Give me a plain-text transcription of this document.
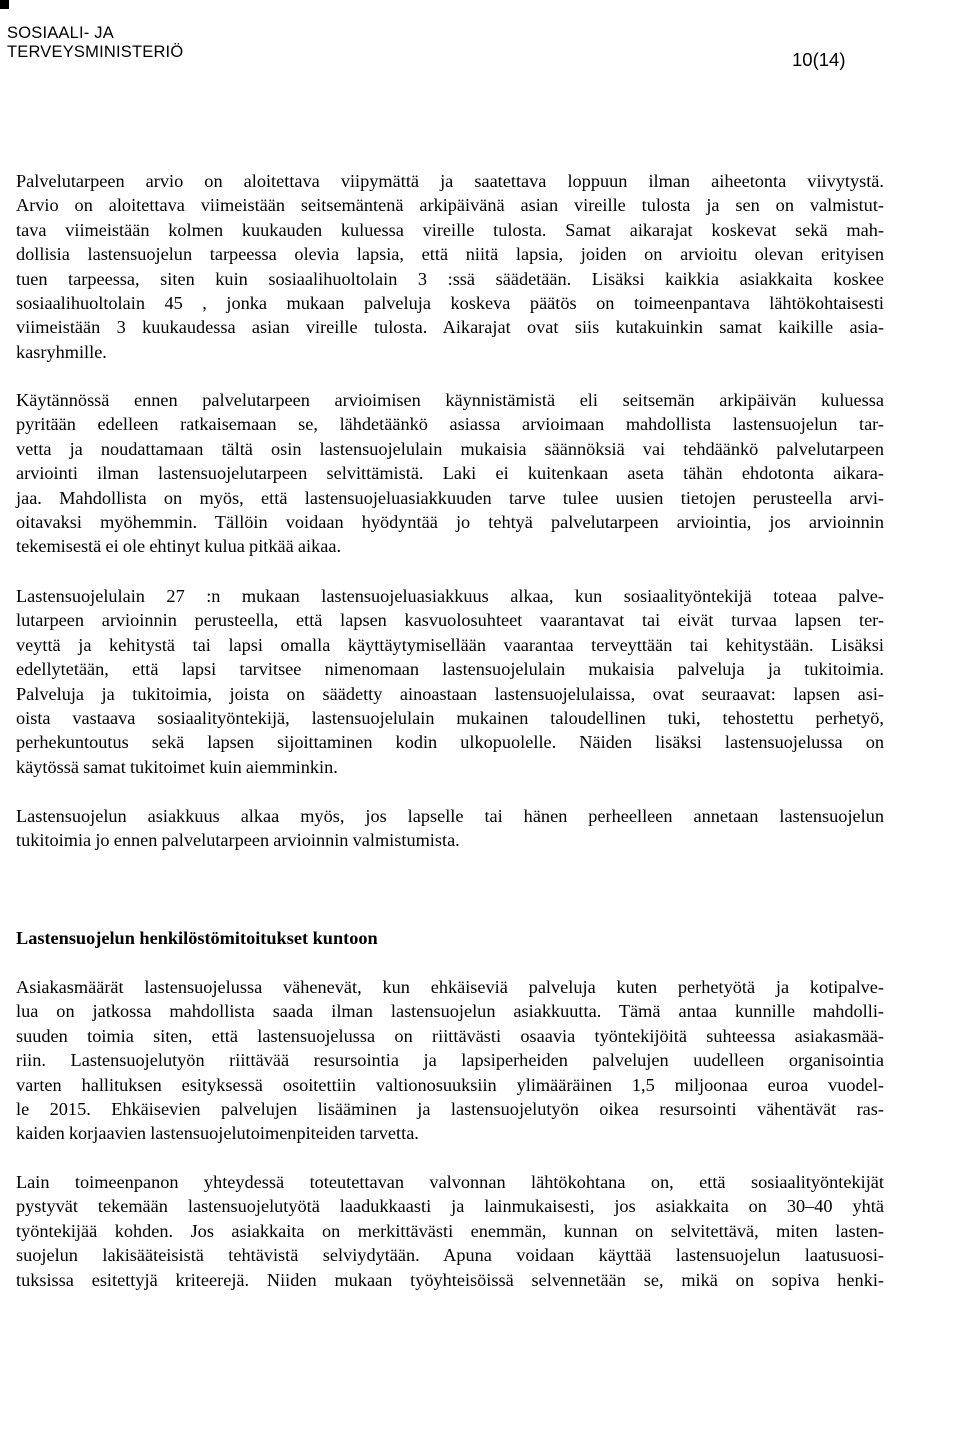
SOSIAALI- JA
TERVEYSMINISTERIÖ	10(14)
Palvelutarpeen arvio on aloitettava viipymättä ja saatettava loppuun ilman aiheetonta viivytystä.
Arvio on aloitettava viimeistään seitsemäntenä arkipäivänä asian vireille tulosta ja sen on valmistut-
tava viimeistään kolmen kuukauden kuluessa vireille tulosta. Samat aikarajat koskevat sekä mah-
dollisia lastensuojelun tarpeessa olevia lapsia, että niitä lapsia, joiden on arvioitu olevan erityisen
tuen tarpeessa, siten kuin sosiaalihuoltolain 3 :ssä säädetään. Lisäksi kaikkia asiakkaita koskee
sosiaalihuoltolain 45 , jonka mukaan palveluja koskeva päätös on toimeenpantava lähtökohtaisesti
viimeistään 3 kuukaudessa asian vireille tulosta. Aikarajat ovat siis kutakuinkin samat kaikille asia-
kasryhmille.
Käytännössä ennen palvelutarpeen arvioimisen käynnistämistä eli seitsemän arkipäivän kuluessa
pyritään edelleen ratkaisemaan se, lähdetäänkö asiassa arvioimaan mahdollista lastensuojelun tar-
vetta ja noudattamaan tältä osin lastensuojelulain mukaisia säännöksiä vai tehdäänkö palvelutarpeen
arviointi ilman lastensuojelutarpeen selvittämistä. Laki ei kuitenkaan aseta tähän ehdotonta aikara-
jaa. Mahdollista on myös, että lastensuojeluasiakkuuden tarve tulee uusien tietojen perusteella arvi-
oitavaksi myöhemmin. Tällöin voidaan hyödyntää jo tehtyä palvelutarpeen arviointia, jos arvioinnin
tekemisestä ei ole ehtinyt kulua pitkää aikaa.
Lastensuojelulain 27 :n mukaan lastensuojeluasiakkuus alkaa, kun sosiaalityöntekijä toteaa palve-
lutarpeen arvioinnin perusteella, että lapsen kasvuolosuhteet vaarantavat tai eivät turvaa lapsen ter-
veyttä ja kehitystä tai lapsi omalla käyttäytymisellään vaarantaa terveyttään tai kehitystään. Lisäksi
edellytetään, että lapsi tarvitsee nimenomaan lastensuojelulain mukaisia palveluja ja tukitoimia.
Palveluja ja tukitoimia, joista on säädetty ainoastaan lastensuojelulaissa, ovat seuraavat: lapsen asi-
oista vastaava sosiaalityöntekijä, lastensuojelulain mukainen taloudellinen tuki, tehostettu perhetyö,
perhekuntoutus sekä lapsen sijoittaminen kodin ulkopuolelle. Näiden lisäksi lastensuojelussa on
käytössä samat tukitoimet kuin aiemminkin.
Lastensuojelun asiakkuus alkaa myös, jos lapselle tai hänen perheelleen annetaan lastensuojelun
tukitoimia jo ennen palvelutarpeen arvioinnin valmistumista.
Lastensuojelun henkilöstömitoitukset kuntoon
Asiakasmäärät lastensuojelussa vähenevät, kun ehkäiseviä palveluja kuten perhetyötä ja kotipalve-
lua on jatkossa mahdollista saada ilman lastensuojelun asiakkuutta. Tämä antaa kunnille mahdolli-
suuden toimia siten, että lastensuojelussa on riittävästi osaavia työntekijöitä suhteessa asiakasmää-
riin. Lastensuojelutyön riittävää resursointia ja lapsiperheiden palvelujen uudelleen organisointia
varten hallituksen esityksessä osoitettiin valtionosuuksiin ylimääräinen 1,5 miljoonaa euroa vuodel-
le 2015. Ehkäisevien palvelujen lisääminen ja lastensuojelutyön oikea resursointi vähentävät ras-
kaiden korjaavien lastensuojelutoimenpiteiden tarvetta.
Lain toimeenpanon yhteydessä toteutettavan valvonnan lähtökohtana on, että sosiaalityöntekijät
pystyvät tekemään lastensuojelutyötä laadukkaasti ja lainmukaisesti, jos asiakkaita on 30–40 yhtä
työntekijää kohden. Jos asiakkaita on merkittävästi enemmän, kunnan on selvitettävä, miten lasten-
suojelun lakisääteisistä tehtävistä selviydytään. Apuna voidaan käyttää lastensuojelun laatusuosi-
tuksissa esitettyjä kriteerejä. Niiden mukaan työyhteisöissä selvennetään se, mikä on sopiva henki-
